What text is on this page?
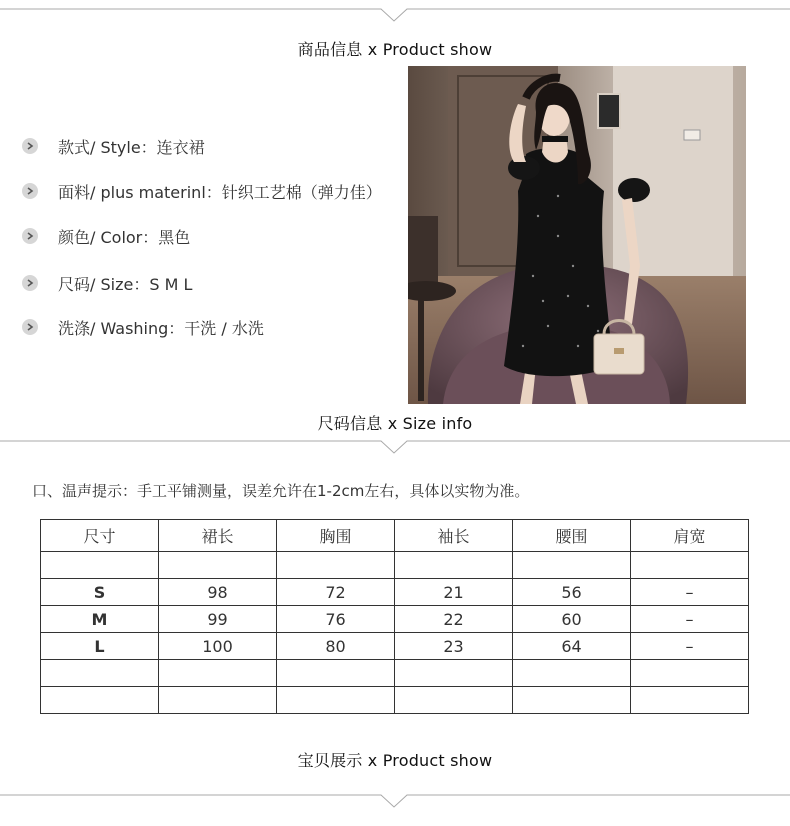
商品信息 x Product show
款式/ Style：连衣裙
面料/ plus materinl：针织工艺棉（弹力佳）
颜色/ Color：黑色
尺码/ Size：S M L
洗涤/ Washing：干洗 / 水洗
尺码信息 x Size info
口、温声提示：手工平铺测量，误差允许在1-2cm左右，具体以实物为准。
尺寸	裙长	胸围	袖长	腰围	肩宽

S	98	72	21	56	–
M	99	76	22	60	–
L	100	80	23	64	–

宝贝展示 x Product show
